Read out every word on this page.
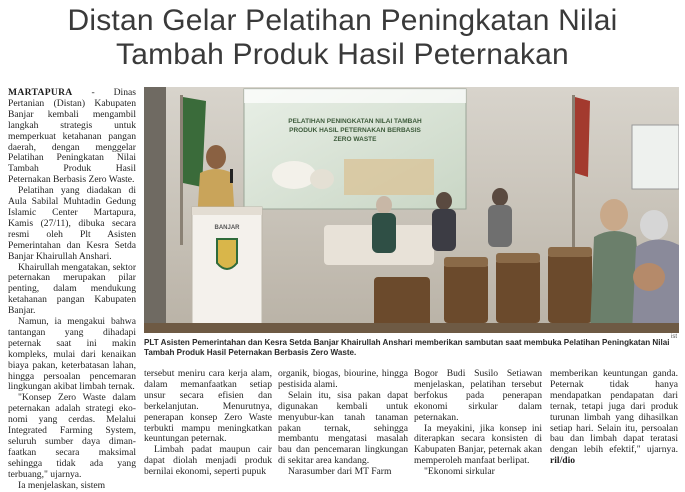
Distan Gelar Pelatihan Peningkatan Nilai
Tambah Produk Hasil Peternakan

MARTAPURA - Dinas Pertanian (Distan) Kabupaten Banjar kembali mengambil langkah strategis untuk memperkuat ketahanan pangan daerah, dengan menggelar Pelatihan Peningkatan Nilai Tambah Produk Hasil Peternakan Berbasis Zero Waste.

Pelatihan yang diadakan di Aula Sabilal Muhtadin Gedung Islamic Center Martapura, Kamis (27/11), dibuka secara resmi oleh Plt Asisten Pemerintahan dan Kesra Setda Banjar Khairullah Anshari.

Khairullah mengatakan, sektor peternakan merupakan pilar penting, dalam mendukung ketahanan pangan Kabupaten Banjar.

Namun, ia mengakui bahwa tantangan yang dihadapi peternak saat ini makin kompleks, mulai dari kenaikan biaya pakan, keterbatasan lahan, hingga persoalan pencemaran lingkungan akibat limbah ternak.

"Konsep Zero Waste dalam peternakan adalah strategi eko-nomi yang cerdas. Melalui Integrated Farming System, seluruh sumber daya diman-faatkan secara maksimal sehingga tidak ada yang terbuang," ujarnya.

Ia menjelaskan, sistem

PELATIHAN PENINGKATAN NILAI TAMBAH
PRODUK HASIL PETERNAKAN BERBASIS
ZERO WASTE
BANJAR
ist
PLT Asisten Pemerintahan dan Kesra Setda Banjar Khairullah Anshari memberikan sambutan saat membuka Pelatihan Peningkatan Nilai Tambah Produk Hasil Peternakan Berbasis Zero Waste.

tersebut meniru cara kerja alam, dalam memanfaatkan setiap unsur secara efisien dan berkelanjutan. Menurutnya, penerapan konsep Zero Waste terbukti mampu meningkatkan keuntungan peternak.

Limbah padat maupun cair dapat diolah menjadi produk bernilai ekonomi, seperti pupuk

organik, biogas, biourine, hingga pestisida alami.

Selain itu, sisa pakan dapat digunakan kembali untuk menyubur-kan tanah tanaman pakan ternak, sehingga membantu mengatasi masalah bau dan pencemaran lingkungan di sekitar area kandang.

Narasumber dari MT Farm

Bogor Budi Susilo Setiawan menjelaskan, pelatihan tersebut berfokus pada penerapan ekonomi sirkular dalam peternakan.

Ia meyakini, jika konsep ini diterapkan secara konsisten di Kabupaten Banjar, peternak akan memperoleh manfaat berlipat.

"Ekonomi sirkular

memberikan keuntungan ganda. Peternak tidak hanya mendapatkan pendapatan dari ternak, tetapi juga dari produk turunan limbah yang dihasilkan setiap hari. Selain itu, persoalan bau dan limbah dapat teratasi dengan lebih efektif," ujarnya. ril/dio
